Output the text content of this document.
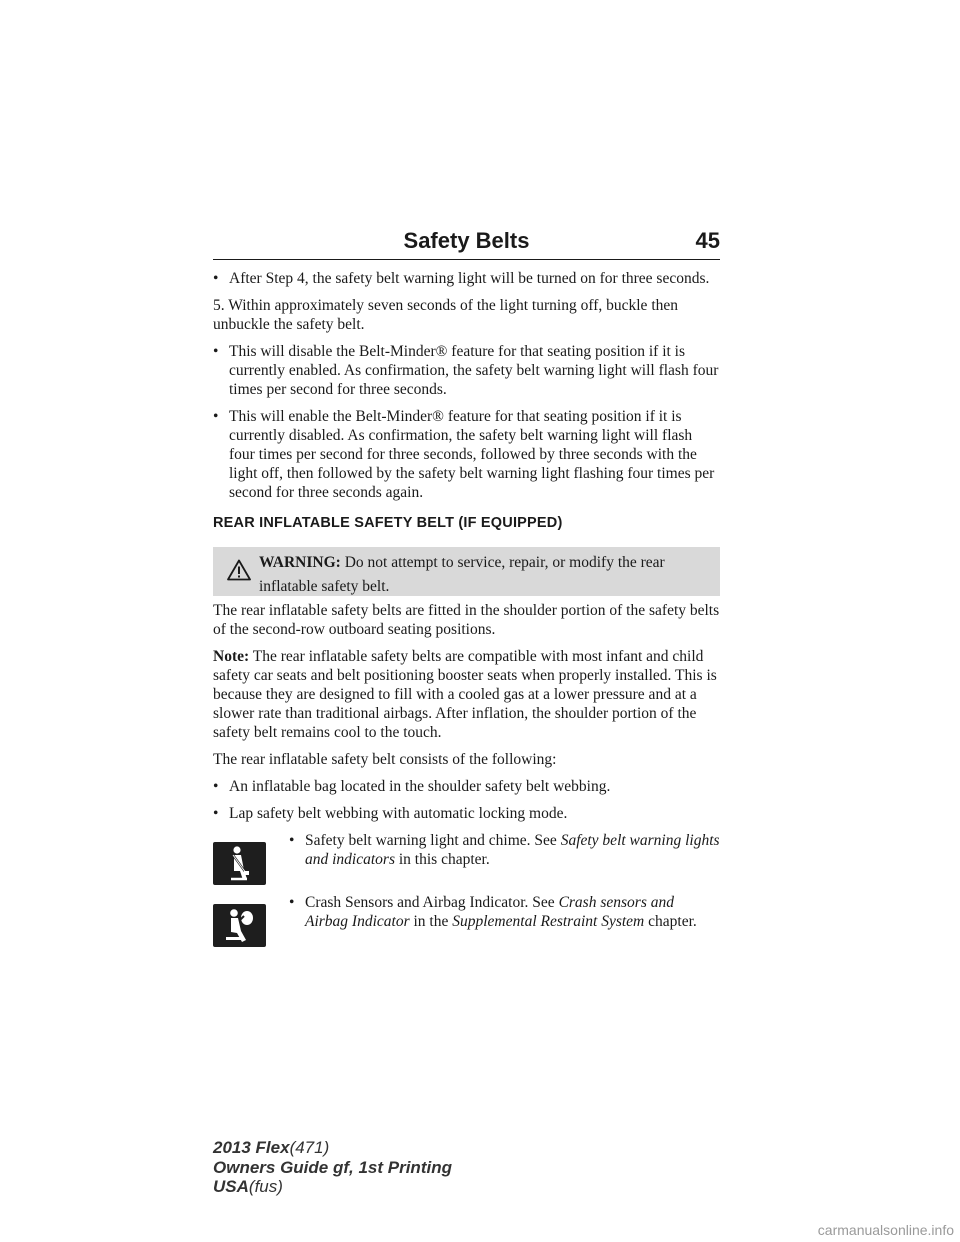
Safety Belts	45
• After Step 4, the safety belt warning light will be turned on for three seconds.

5. Within approximately seven seconds of the light turning off, buckle then unbuckle the safety belt.

• This will disable the Belt-Minder® feature for that seating position if it is currently enabled. As confirmation, the safety belt warning light will flash four times per second for three seconds.
• This will enable the Belt-Minder® feature for that seating position if it is currently disabled. As confirmation, the safety belt warning light will flash four times per second for three seconds, followed by three seconds with the light off, then followed by the safety belt warning light flashing four times per second for three seconds again.
REAR INFLATABLE SAFETY BELT (IF EQUIPPED)
WARNING: Do not attempt to service, repair, or modify the rear inflatable safety belt.

The rear inflatable safety belts are fitted in the shoulder portion of the safety belts of the second-row outboard seating positions.

Note: The rear inflatable safety belts are compatible with most infant and child safety car seats and belt positioning booster seats when properly installed. This is because they are designed to fill with a cooled gas at a lower pressure and at a slower rate than traditional airbags. After inflation, the shoulder portion of the safety belt remains cool to the touch.

The rear inflatable safety belt consists of the following:

• An inflatable bag located in the shoulder safety belt webbing.
• Lap safety belt webbing with automatic locking mode.
• Safety belt warning light and chime. See Safety belt warning lights and indicators in this chapter.
• Crash Sensors and Airbag Indicator. See Crash sensors and Airbag Indicator in the Supplemental Restraint System chapter.
2013 Flex(471)
Owners Guide gf, 1st Printing
USA(fus)
carmanualsonline.info
